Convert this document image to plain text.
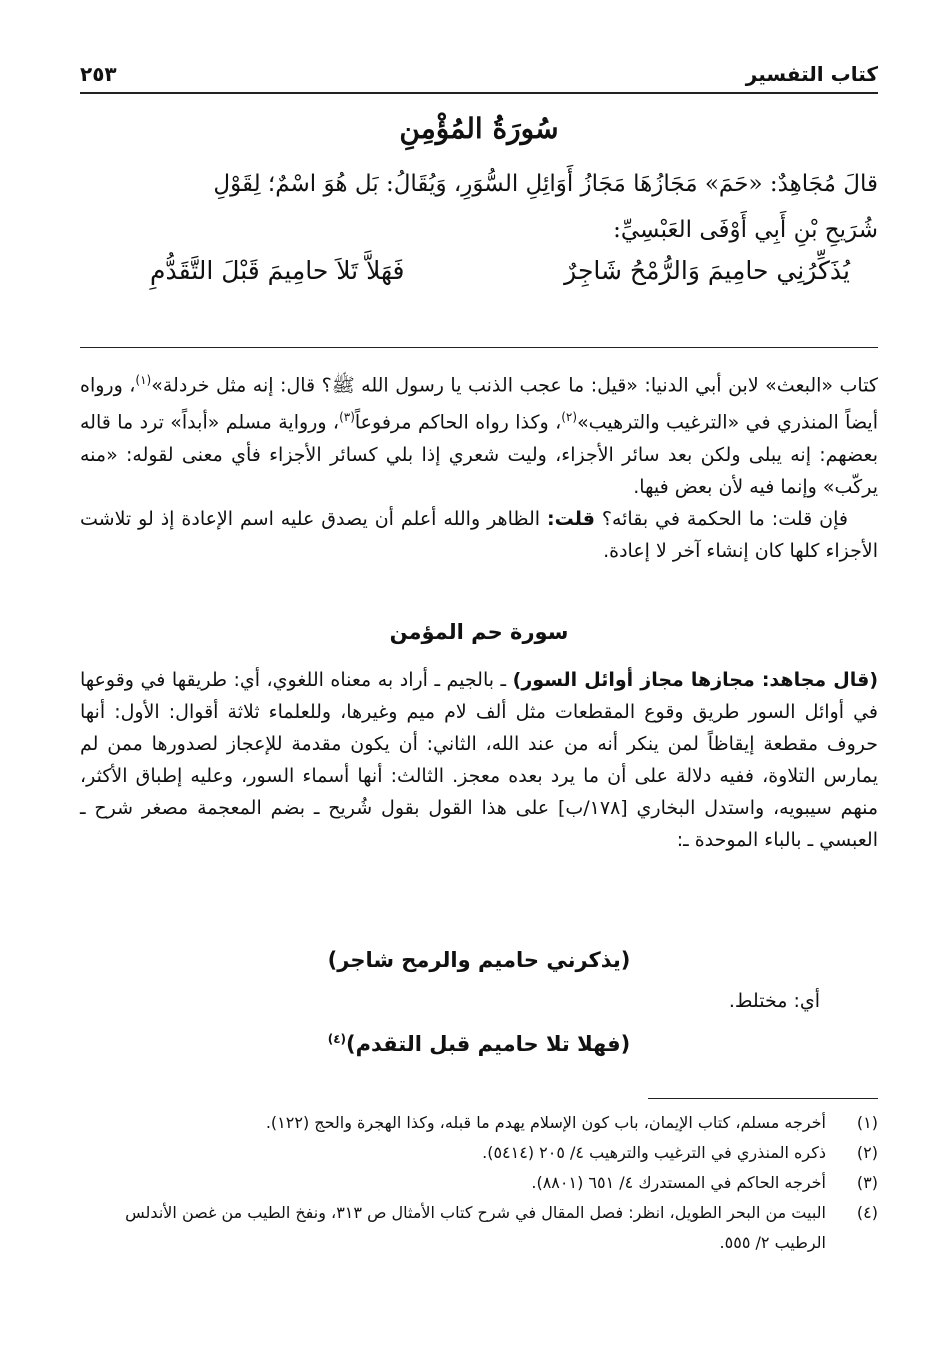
كتاب التفسير
٢٥٣
سُورَةُ المُؤْمِنِ
قالَ مُجَاهِدٌ: «حَمَ» مَجَازُهَا مَجَازُ أَوَائِلِ السُّوَرِ، وَيُقَالُ: بَل هُوَ اسْمٌ؛ لِقَوْلِ
شُرَيحِ بْنِ أَبِي أَوْفَى العَبْسِيِّ:
يُذَكِّرُنِي حامِيمَ وَالرُّمْحُ شَاجِرٌ
فَهَلاَّ تَلاَ حامِيمَ قَبْلَ التَّقَدُّمِ

كتاب «البعث» لابن أبي الدنيا: «قيل: ما عجب الذنب يا رسول الله ﷺ؟ قال: إنه مثل خردلة»$^{(١)}$، ورواه أيضاً المنذري في «الترغيب والترهيب»$^{(٢)}$، وكذا رواه الحاكم مرفوعاً$^{(٣)}$، ورواية مسلم «أبداً» ترد ما قاله بعضهم: إنه يبلى ولكن بعد سائر الأجزاء، وليت شعري إذا بلي كسائر الأجزاء فأي معنى لقوله: «منه يركّب» وإنما فيه لأن بعض فيها.

فإن قلت: ما الحكمة في بقائه؟ قلت: الظاهر والله أعلم أن يصدق عليه اسم الإعادة إذ لو تلاشت الأجزاء كلها كان إنشاء آخر لا إعادة.

سورة حم المؤمن

(قال مجاهد: مجازها مجاز أوائل السور) ـ بالجيم ـ أراد به معناه اللغوي، أي: طريقها في وقوعها في أوائل السور طريق وقوع المقطعات مثل ألف لام ميم وغيرها، وللعلماء ثلاثة أقوال: الأول: أنها حروف مقطعة إيقاظاً لمن ينكر أنه من عند الله، الثاني: أن يكون مقدمة للإعجاز لصدورها ممن لم يمارس التلاوة، ففيه دلالة على أن ما يرد بعده معجز. الثالث: أنها أسماء السور، وعليه إطباق الأكثر، منهم سيبويه، واستدل البخاري [١٧٨/ب] على هذا القول بقول شُريح ـ بضم المعجمة مصغر شرح ـ العبسي ـ بالباء الموحدة ـ:

(يذكرني حاميم والرمح شاجر)
أي: مختلط.
(فهلا تلا حاميم قبل التقدم)$^{(٤)}$
(١)
أخرجه مسلم، كتاب الإيمان، باب كون الإسلام يهدم ما قبله، وكذا الهجرة والحج (١٢٢).
(٢)
ذكره المنذري في الترغيب والترهيب ٤/ ٢٠٥ (٥٤١٤).
(٣)
أخرجه الحاكم في المستدرك ٤/ ٦٥١ (٨٨٠١).
(٤)
البيت من البحر الطويل، انظر: فصل المقال في شرح كتاب الأمثال ص ٣١٣، ونفخ الطيب من غصن الأندلس الرطيب ٢/ ٥٥٥.
